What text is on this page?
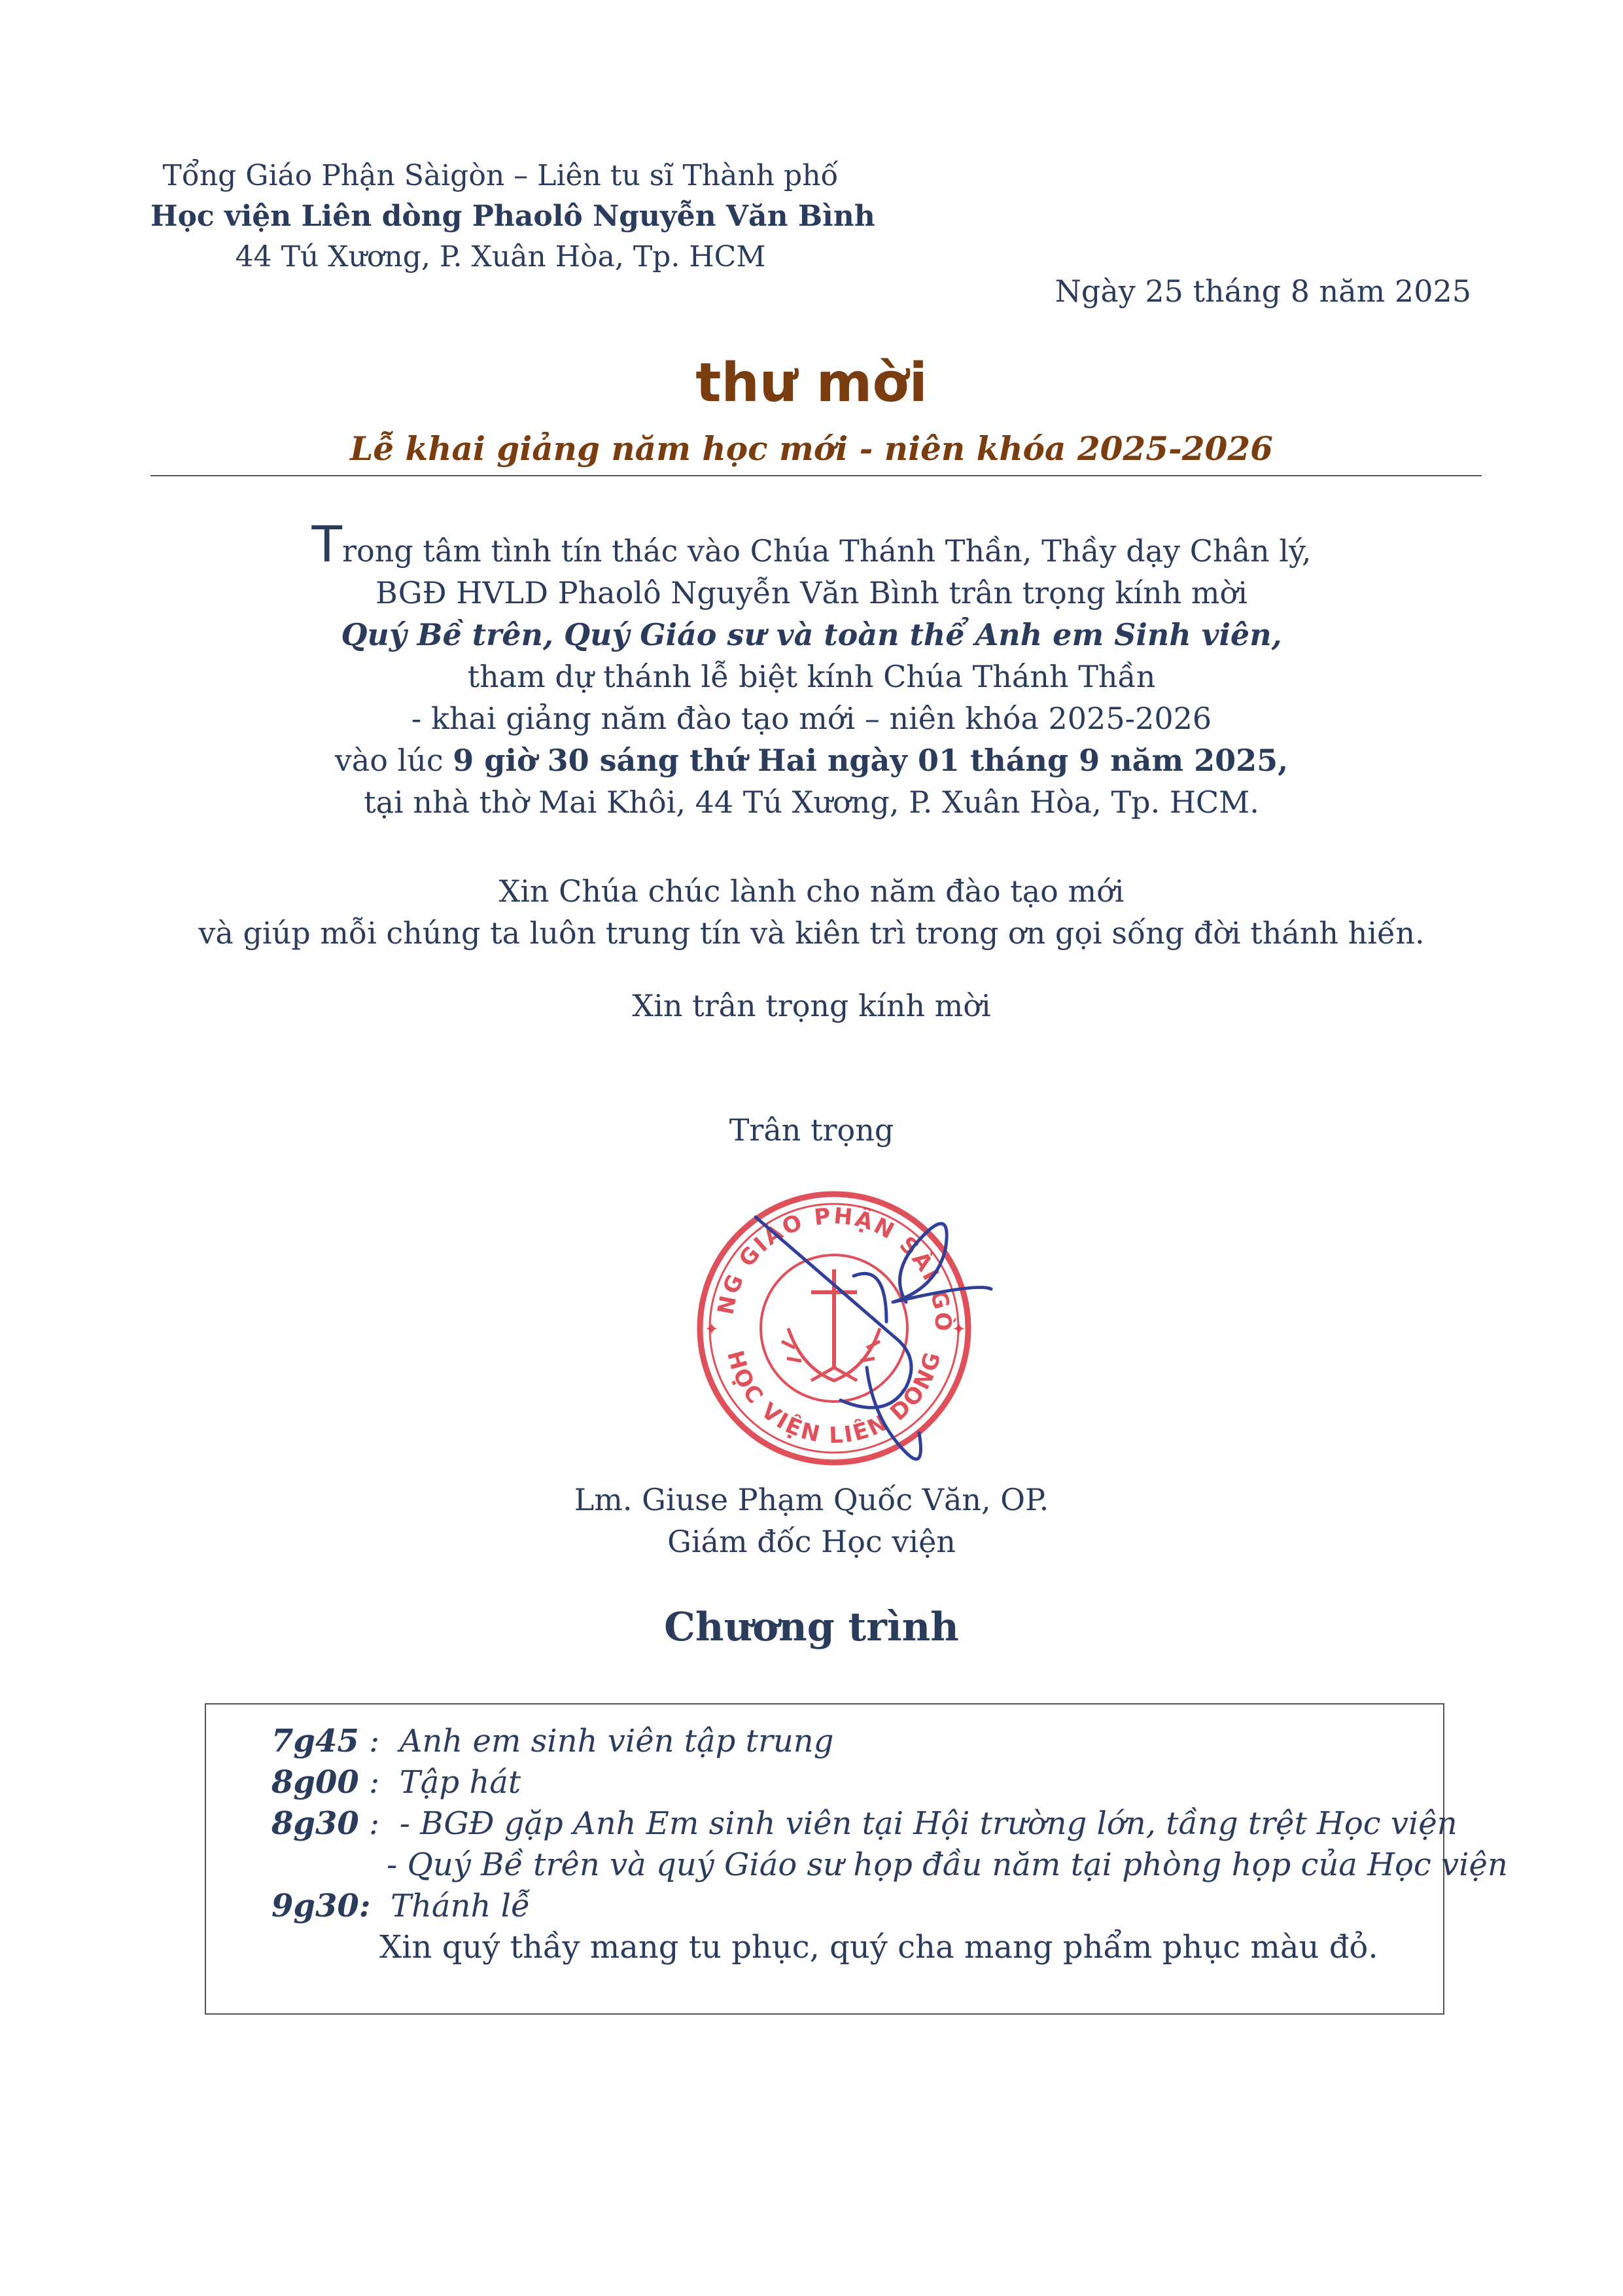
Tổng Giáo Phận Sàigòn – Liên tu sĩ Thành phố
Học viện Liên dòng Phaolô Nguyễn Văn Bình
44 Tú Xương, P. Xuân Hòa, Tp. HCM
Ngày 25 tháng 8 năm 2025
thư mời
Lễ khai giảng năm học mới - niên khóa 2025-2026
Trong tâm tình tín thác vào Chúa Thánh Thần, Thầy dạy Chân lý,
BGĐ HVLD Phaolô Nguyễn Văn Bình trân trọng kính mời
Quý Bề trên, Quý Giáo sư và toàn thể Anh em Sinh viên,
tham dự thánh lễ biệt kính Chúa Thánh Thần
- khai giảng năm đào tạo mới – niên khóa 2025-2026
vào lúc 9 giờ 30 sáng thứ Hai ngày 01 tháng 9 năm 2025,
tại nhà thờ Mai Khôi, 44 Tú Xương, P. Xuân Hòa, Tp. HCM.
Xin Chúa chúc lành cho năm đào tạo mới
và giúp mỗi chúng ta luôn trung tín và kiên trì trong ơn gọi sống đời thánh hiến.
Xin trân trọng kính mời
Trân trọng
NG GIÁO PHẬN SÀI GÒ
HỌC VIỆN LIÊN DÒNG
✦	✦
Lm. Giuse Phạm Quốc Văn, OP.
Giám đốc Học viện
Chương trình
7g45 : Anh em sinh viên tập trung
8g00 : Tập hát
8g30 : - BGĐ gặp Anh Em sinh viên tại Hội trường lớn, tầng trệt Học viện
- Quý Bề trên và quý Giáo sư họp đầu năm tại phòng họp của Học viện
9g30: Thánh lễ
Xin quý thầy mang tu phục, quý cha mang phẩm phục màu đỏ.
